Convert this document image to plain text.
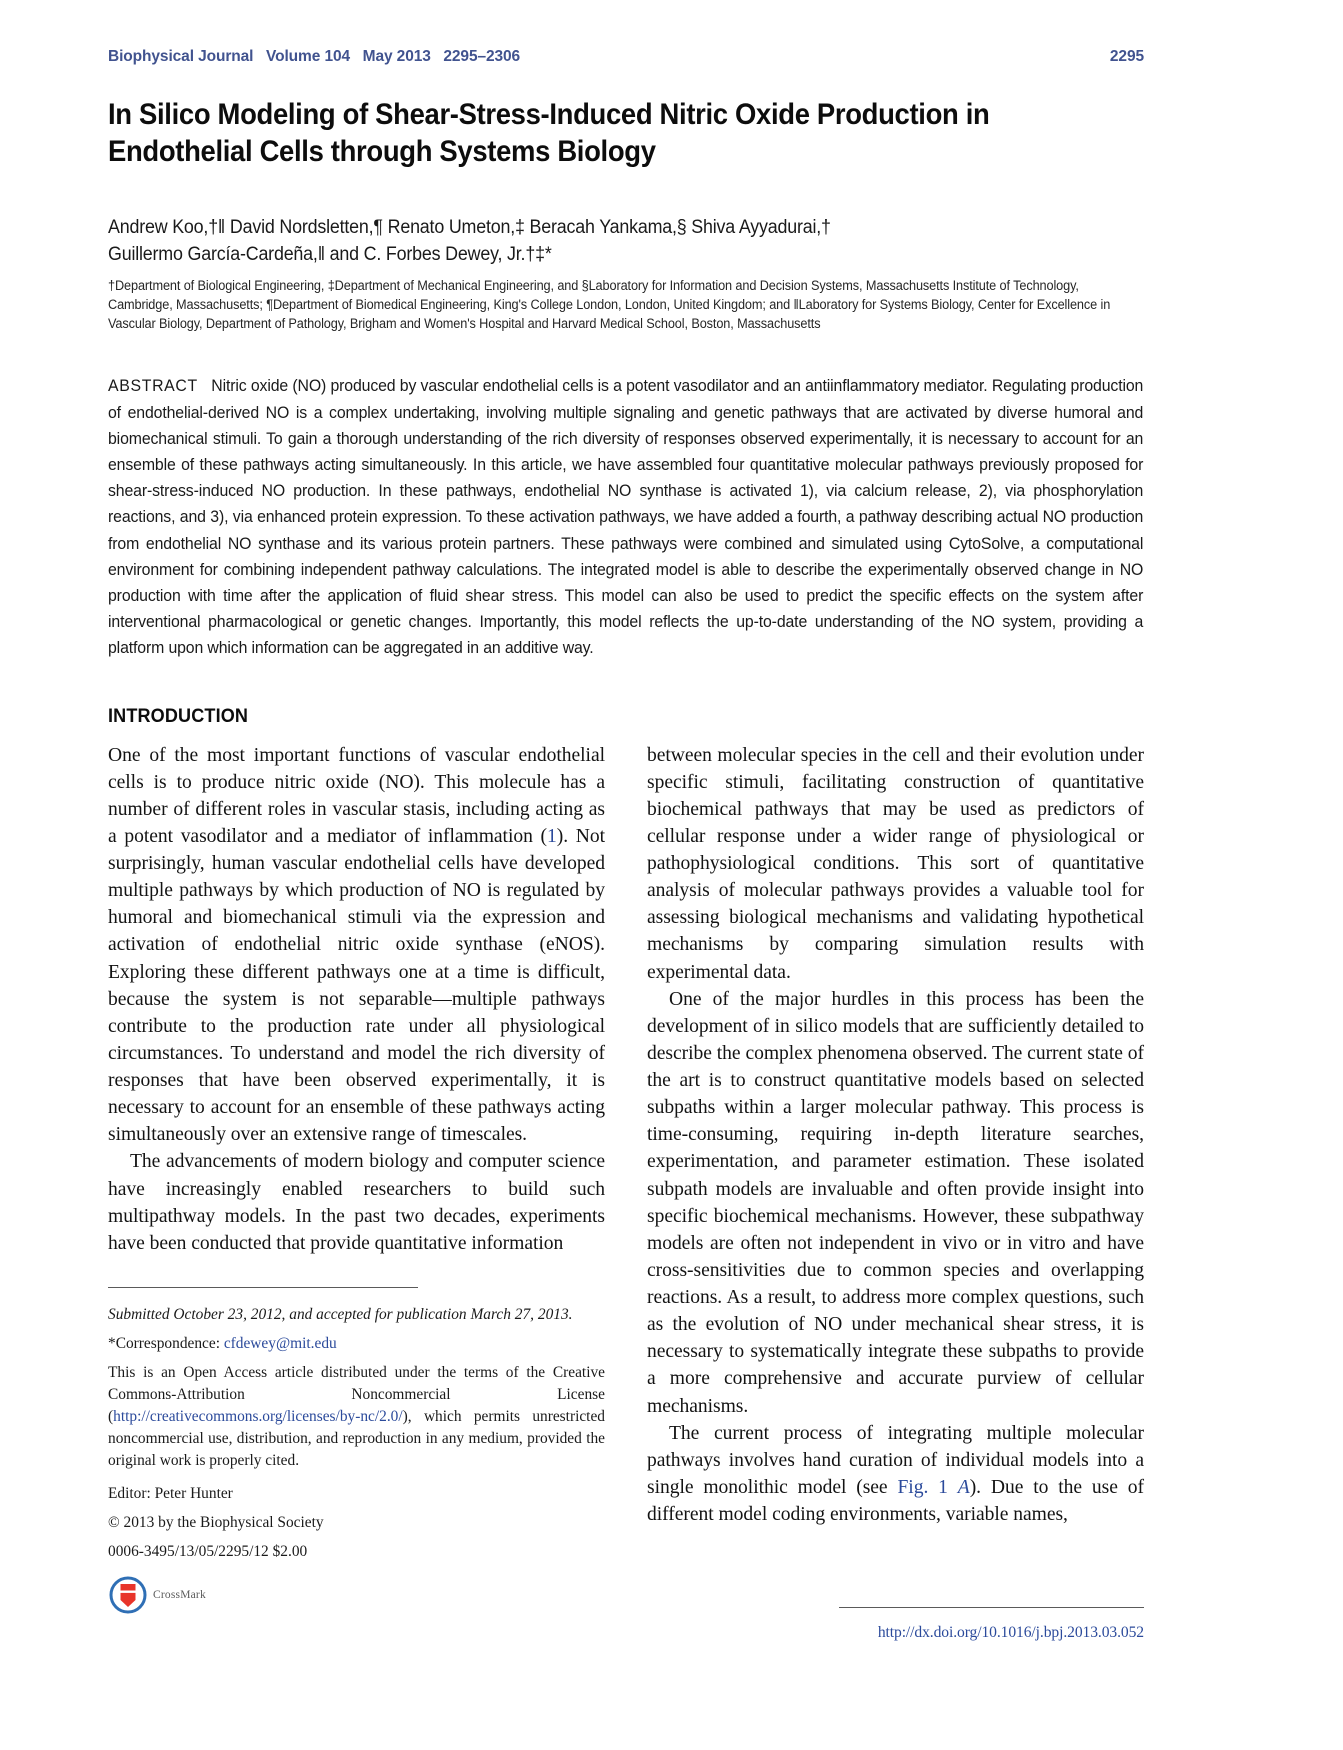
Biophysical Journal   Volume 104   May 2013   2295–2306	2295
In Silico Modeling of Shear-Stress-Induced Nitric Oxide Production in Endothelial Cells through Systems Biology
Andrew Koo,†‖ David Nordsletten,¶ Renato Umeton,‡ Beracah Yankama,§ Shiva Ayyadurai,†
Guillermo García-Cardeña,‖ and C. Forbes Dewey, Jr.†‡*
†Department of Biological Engineering, ‡Department of Mechanical Engineering, and §Laboratory for Information and Decision Systems, Massachusetts Institute of Technology, Cambridge, Massachusetts; ¶Department of Biomedical Engineering, King's College London, London, United Kingdom; and ‖Laboratory for Systems Biology, Center for Excellence in Vascular Biology, Department of Pathology, Brigham and Women's Hospital and Harvard Medical School, Boston, Massachusetts
ABSTRACT Nitric oxide (NO) produced by vascular endothelial cells is a potent vasodilator and an antiinflammatory mediator. Regulating production of endothelial-derived NO is a complex undertaking, involving multiple signaling and genetic pathways that are activated by diverse humoral and biomechanical stimuli. To gain a thorough understanding of the rich diversity of responses observed experimentally, it is necessary to account for an ensemble of these pathways acting simultaneously. In this article, we have assembled four quantitative molecular pathways previously proposed for shear-stress-induced NO production. In these pathways, endothelial NO synthase is activated 1), via calcium release, 2), via phosphorylation reactions, and 3), via enhanced protein expression. To these activation pathways, we have added a fourth, a pathway describing actual NO production from endothelial NO synthase and its various protein partners. These pathways were combined and simulated using CytoSolve, a computational environment for combining independent pathway calculations. The integrated model is able to describe the experimentally observed change in NO production with time after the application of fluid shear stress. This model can also be used to predict the specific effects on the system after interventional pharmacological or genetic changes. Importantly, this model reflects the up-to-date understanding of the NO system, providing a platform upon which information can be aggregated in an additive way.
INTRODUCTION

One of the most important functions of vascular endothelial cells is to produce nitric oxide (NO). This molecule has a number of different roles in vascular stasis, including acting as a potent vasodilator and a mediator of inflammation (1). Not surprisingly, human vascular endothelial cells have developed multiple pathways by which production of NO is regulated by humoral and biomechanical stimuli via the expression and activation of endothelial nitric oxide synthase (eNOS). Exploring these different pathways one at a time is difficult, because the system is not separable—multiple pathways contribute to the production rate under all physiological circumstances. To understand and model the rich diversity of responses that have been observed experimentally, it is necessary to account for an ensemble of these pathways acting simultaneously over an extensive range of timescales.

The advancements of modern biology and computer science have increasingly enabled researchers to build such multipathway models. In the past two decades, experiments have been conducted that provide quantitative information

Submitted October 23, 2012, and accepted for publication March 27, 2013.

*Correspondence: cfdewey@mit.edu

This is an Open Access article distributed under the terms of the Creative Commons-Attribution Noncommercial License (http://creativecommons.org/licenses/by-nc/2.0/), which permits unrestricted noncommercial use, distribution, and reproduction in any medium, provided the original work is properly cited.

Editor: Peter Hunter

© 2013 by the Biophysical Society

0006-3495/13/05/2295/12 $2.00

CrossMark

between molecular species in the cell and their evolution under specific stimuli, facilitating construction of quantitative biochemical pathways that may be used as predictors of cellular response under a wider range of physiological or pathophysiological conditions. This sort of quantitative analysis of molecular pathways provides a valuable tool for assessing biological mechanisms and validating hypothetical mechanisms by comparing simulation results with experimental data.

One of the major hurdles in this process has been the development of in silico models that are sufficiently detailed to describe the complex phenomena observed. The current state of the art is to construct quantitative models based on selected subpaths within a larger molecular pathway. This process is time-consuming, requiring in-depth literature searches, experimentation, and parameter estimation. These isolated subpath models are invaluable and often provide insight into specific biochemical mechanisms. However, these subpathway models are often not independent in vivo or in vitro and have cross-sensitivities due to common species and overlapping reactions. As a result, to address more complex questions, such as the evolution of NO under mechanical shear stress, it is necessary to systematically integrate these subpaths to provide a more comprehensive and accurate purview of cellular mechanisms.

The current process of integrating multiple molecular pathways involves hand curation of individual models into a single monolithic model (see Fig. 1 A). Due to the use of different model coding environments, variable names,

http://dx.doi.org/10.1016/j.bpj.2013.03.052
